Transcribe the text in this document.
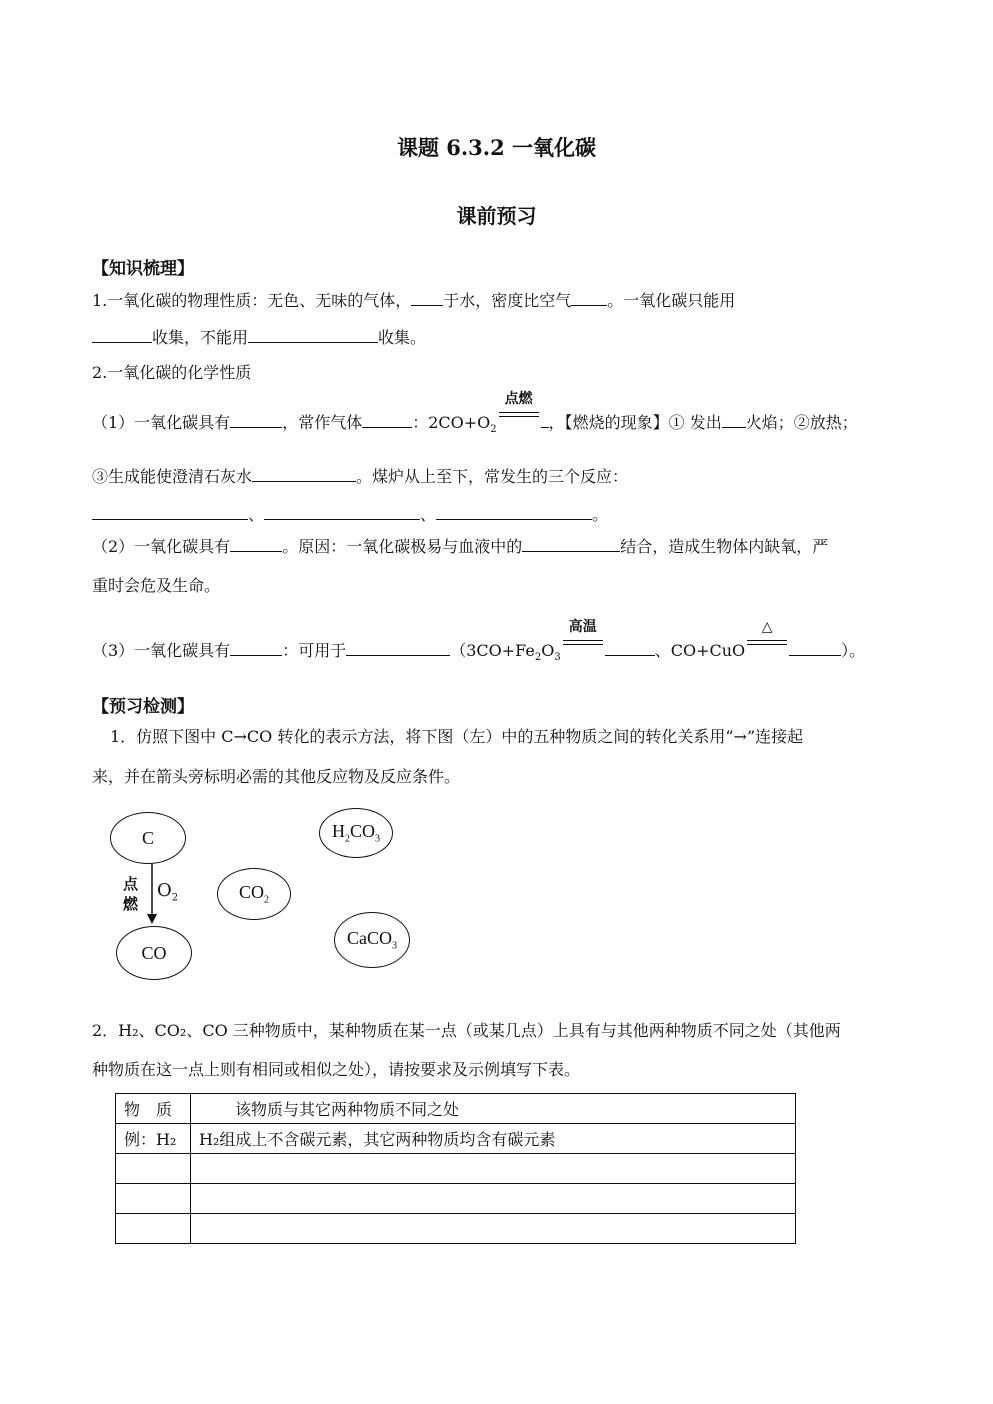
课题 6.3.2 一氧化碳
课前预习
【知识梳理】
1.一氧化碳的物理性质：无色、无味的气体， 于水，密度比空气 。一氧化碳只能用
收集，不能用	收集。
2.一氧化碳的化学性质
（1）一氧化碳具有	，常作气体	：$2CO+O_2$
点燃
，【燃烧的现象】① 发出 火焰；②放热；
③生成能使澄清石灰水	。煤炉从上至下，常发生的三个反应：
、	、	。
（2）一氧化碳具有	。原因：一氧化碳极易与血液中的	结合，造成生物体内缺氧，严
重时会危及生命。
（3）一氧化碳具有	：可用于	（$3CO+Fe_2O_3$
高温
、CO+CuO
△
）。
【预习检测】
1．仿照下图中 C→CO 转化的表示方法，将下图（左）中的五种物质之间的转化关系用“→”连接起
来，并在箭头旁标明必需的其他反应物及反应条件。
C
CO
$CO_2$
$H_2CO_3$
CaCO$_3$
点
燃
$O_2$
2．H₂、CO₂、CO 三种物质中，某种物质在某一点（或某几点）上具有与其他两种物质不同之处（其他两
种物质在这一点上则有相同或相似之处），请按要求及示例填写下表。
物　质	该物质与其它两种物质不同之处
例：H₂	H₂组成上不含碳元素，其它两种物质均含有碳元素
